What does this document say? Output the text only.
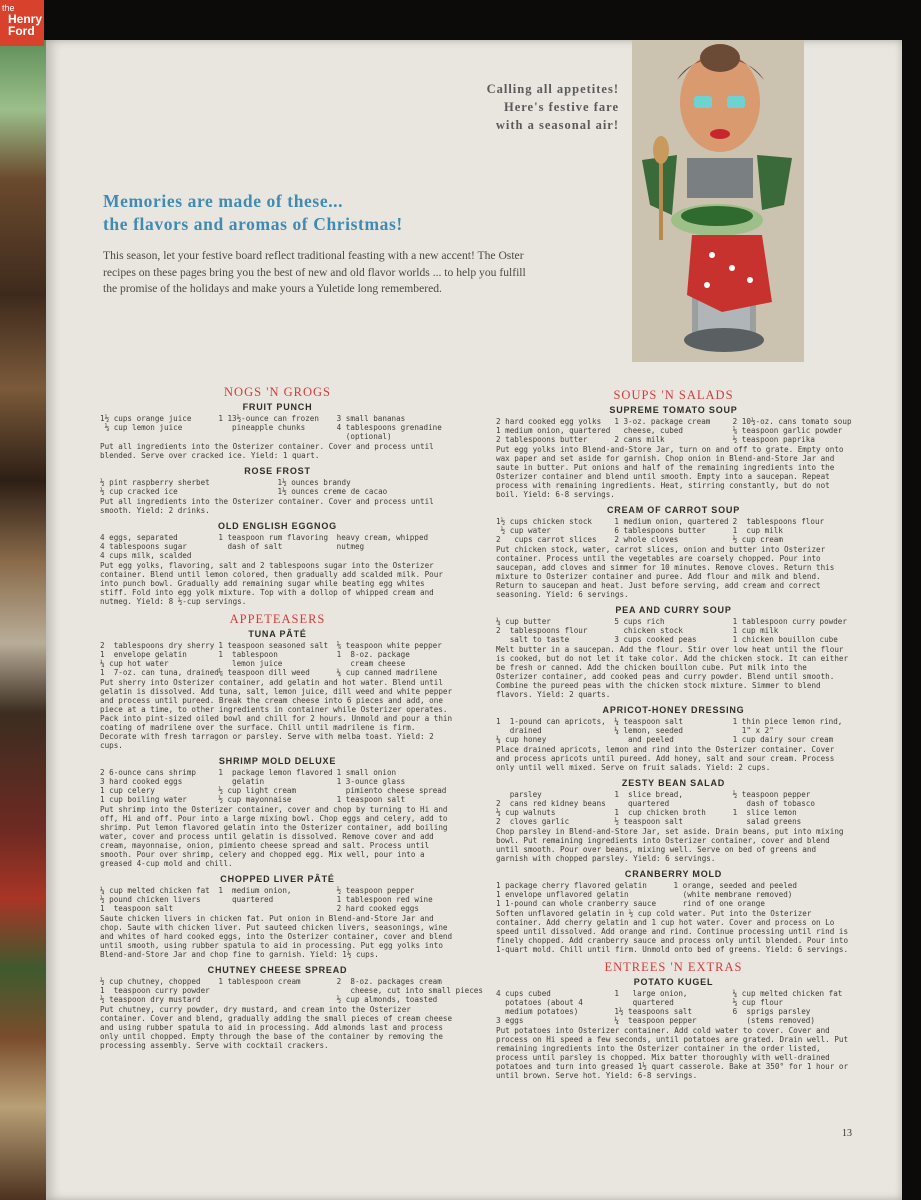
the
Henry
Ford
Calling all appetites!
Here's festive fare
with a seasonal air!
Memories are made of these...
the flavors and aromas of Christmas!
This season, let your festive board reflect traditional feasting with a new accent! The Oster recipes on these pages bring you the best of new and old flavor worlds ... to help you fulfill the promise of the holidays and make yours a Yuletide long remembered.
NOGS 'N GROGS
FRUIT PUNCH
1½ cups orange juice
⅓ cup lemon juice
1 13½-ounce can frozen
pineapple chunks
3 small bananas
4 tablespoons grenadine
(optional)
Put all ingredients into the Osterizer container. Cover and process until blended. Serve over cracked ice. Yield: 1 quart.
ROSE FROST
½ pint raspberry sherbet
½ cup cracked ice
1½ ounces brandy
1½ ounces creme de cacao
Put all ingredients into the Osterizer container. Cover and process until smooth. Yield: 2 drinks.
OLD ENGLISH EGGNOG
4 eggs, separated
4 tablespoons sugar
4 cups milk, scalded
1 teaspoon rum flavoring
dash of salt
heavy cream, whipped
nutmeg
Put egg yolks, flavoring, salt and 2 tablespoons sugar into the Osterizer container. Blend until lemon colored, then gradually add scalded milk. Pour into punch bowl. Gradually add remaining sugar while beating egg whites stiff. Fold into egg yolk mixture. Top with a dollop of whipped cream and nutmeg. Yield: 8 ½-cup servings.
APPETEASERS
TUNA PÂTÉ
2  tablespoons dry sherry
1  envelope gelatin
¼ cup hot water
1  7-oz. can tuna, drained
1 teaspoon seasoned salt
1  tablespoon
lemon juice
⅛ teaspoon dill weed
⅛ teaspoon white pepper
1  8-oz. package
cream cheese
¼ cup canned madrilene
Put sherry into Osterizer container, add gelatin and hot water. Blend until gelatin is dissolved. Add tuna, salt, lemon juice, dill weed and white pepper and process until pureed. Break the cream cheese into 6 pieces and add, one piece at a time, to other ingredients in container while Osterizer operates. Pack into pint-sized oiled bowl and chill for 2 hours. Unmold and pour a thin coating of madrilene over the surface. Chill until madrilene is firm. Decorate with fresh tarragon or parsley. Serve with melba toast. Yield: 2 cups.
SHRIMP MOLD DELUXE
2 6-ounce cans shrimp
3 hard cooked eggs
1 cup celery
1 cup boiling water
1  package lemon flavored
gelatin
½ cup light cream
½ cup mayonnaise
1 small onion
1 3-ounce glass
pimiento cheese spread
1 teaspoon salt
Put shrimp into the Osterizer container, cover and chop by turning to Hi and off, Hi and off. Pour into a large mixing bowl. Chop eggs and celery, add to shrimp. Put lemon flavored gelatin into the Osterizer container, add boiling water, cover and process until gelatin is dissolved. Remove cover and add cream, mayonnaise, onion, pimiento cheese spread and salt. Process until smooth. Pour over shrimp, celery and chopped egg. Mix well, pour into a greased 4-cup mold and chill.
CHOPPED LIVER PÂTÉ
¼ cup melted chicken fat
½ pound chicken livers
1  teaspoon salt
1  medium onion,
quartered
½ teaspoon pepper
1 tablespoon red wine
2 hard cooked eggs
Saute chicken livers in chicken fat. Put onion in Blend-and-Store Jar and chop. Saute with chicken liver. Put sauteed chicken livers, seasonings, wine and whites of hard cooked eggs, into the Osterizer container, cover and blend until smooth, using rubber spatula to aid in processing. Put egg yolks into Blend-and-Store Jar and chop fine to garnish. Yield: 1½ cups.
CHUTNEY CHEESE SPREAD
½ cup chutney, chopped
1  teaspoon curry powder
½ teaspoon dry mustard
1 tablespoon cream	2  8-oz. packages cream
cheese, cut into small pieces
½ cup almonds, toasted
Put chutney, curry powder, dry mustard, and cream into the Osterizer container. Cover and blend, gradually adding the small pieces of cream cheese and using rubber spatula to aid in processing. Add almonds last and process only until chopped. Empty through the base of the container by removing the processing assembly. Serve with cocktail crackers.
SOUPS 'N SALADS
SUPREME TOMATO SOUP
2 hard cooked egg yolks
1 medium onion, quartered
2 tablespoons butter
1 3-oz. package cream
cheese, cubed
2 cans milk
2 10½-oz. cans tomato soup
⅛ teaspoon garlic powder
½ teaspoon paprika
Put egg yolks into Blend-and-Store Jar, turn on and off to grate. Empty onto wax paper and set aside for garnish. Chop onion in Blend-and-Store Jar and saute in butter. Put onions and half of the remaining ingredients into the Osterizer container and blend until smooth. Empty into a saucepan. Repeat process with remaining ingredients. Heat, stirring constantly, but do not boil. Yield: 6-8 servings.
CREAM OF CARROT SOUP
1½ cups chicken stock
½ cup water
2   cups carrot slices
1 medium onion, quartered
6 tablespoons butter
2 whole cloves
2  tablespoons flour
1  cup milk
½ cup cream
Put chicken stock, water, carrot slices, onion and butter into Osterizer container. Process until the vegetables are coarsely chopped. Pour into saucepan, add cloves and simmer for 10 minutes. Remove cloves. Return this mixture to Osterizer container and puree. Add flour and milk and blend. Return to saucepan and heat. Just before serving, add cream and correct seasoning. Yield: 6 servings.
PEA AND CURRY SOUP
¼ cup butter
2  tablespoons flour
salt to taste
5 cups rich
chicken stock
3 cups cooked peas
1 tablespoon curry powder
1 cup milk
1 chicken bouillon cube
Melt butter in a saucepan. Add the flour. Stir over low heat until the flour is cooked, but do not let it take color. Add the chicken stock. It can either be fresh or canned. Add the chicken bouillon cube. Put milk into the Osterizer container, add cooked peas and curry powder. Blend until smooth. Combine the pureed peas with the chicken stock mixture. Simmer to blend flavors. Yield: 2 quarts.
APRICOT-HONEY DRESSING
1  1-pound can apricots,
drained
¼ cup honey
¼ teaspoon salt
¼ lemon, seeded
and peeled
1 thin piece lemon rind,
1" x 2"
1 cup dairy sour cream
Place drained apricots, lemon and rind into the Osterizer container. Cover and process apricots until pureed. Add honey, salt and sour cream. Process only until well mixed. Serve on fruit salads. Yield: 2 cups.
ZESTY BEAN SALAD
parsley
2  cans red kidney beans
⅓ cup walnuts
2  cloves garlic
1  slice bread,
quartered
1  cup chicken broth
½ teaspoon salt
½ teaspoon pepper
dash of tobasco
1  slice lemon
salad greens
Chop parsley in Blend-and-Store Jar, set aside. Drain beans, put into mixing bowl. Put remaining ingredients into Osterizer container, cover and blend until smooth. Pour over beans, mixing well. Serve on bed of greens and garnish with chopped parsley. Yield: 6 servings.
CRANBERRY MOLD
1 package cherry flavored gelatin
1 envelope unflavored gelatin
1 1-pound can whole cranberry sauce
1 orange, seeded and peeled
(white membrane removed)
rind of one orange
Soften unflavored gelatin in ½ cup cold water. Put into the Osterizer container. Add cherry gelatin and 1 cup hot water. Cover and process on Lo speed until dissolved. Add orange and rind. Continue processing until rind is finely chopped. Add cranberry sauce and process only until blended. Pour into 1-quart mold. Chill until firm. Unmold onto bed of greens. Yield: 6 servings.
ENTREES 'N EXTRAS
POTATO KUGEL
4 cups cubed
potatoes (about 4
medium potatoes)
3 eggs
1   large onion,
quartered
1½ teaspoons salt
¼  teaspoon pepper
¼ cup melted chicken fat
⅓ cup flour
6  sprigs parsley
(stems removed)
Put potatoes into Osterizer container. Add cold water to cover. Cover and process on Hi speed a few seconds, until potatoes are grated. Drain well. Put remaining ingredients into the Osterizer container in the order listed, process until parsley is chopped. Mix batter thoroughly with well-drained potatoes and turn into greased 1½ quart casserole. Bake at 350° for 1 hour or until brown. Serve hot. Yield: 6-8 servings.
13
